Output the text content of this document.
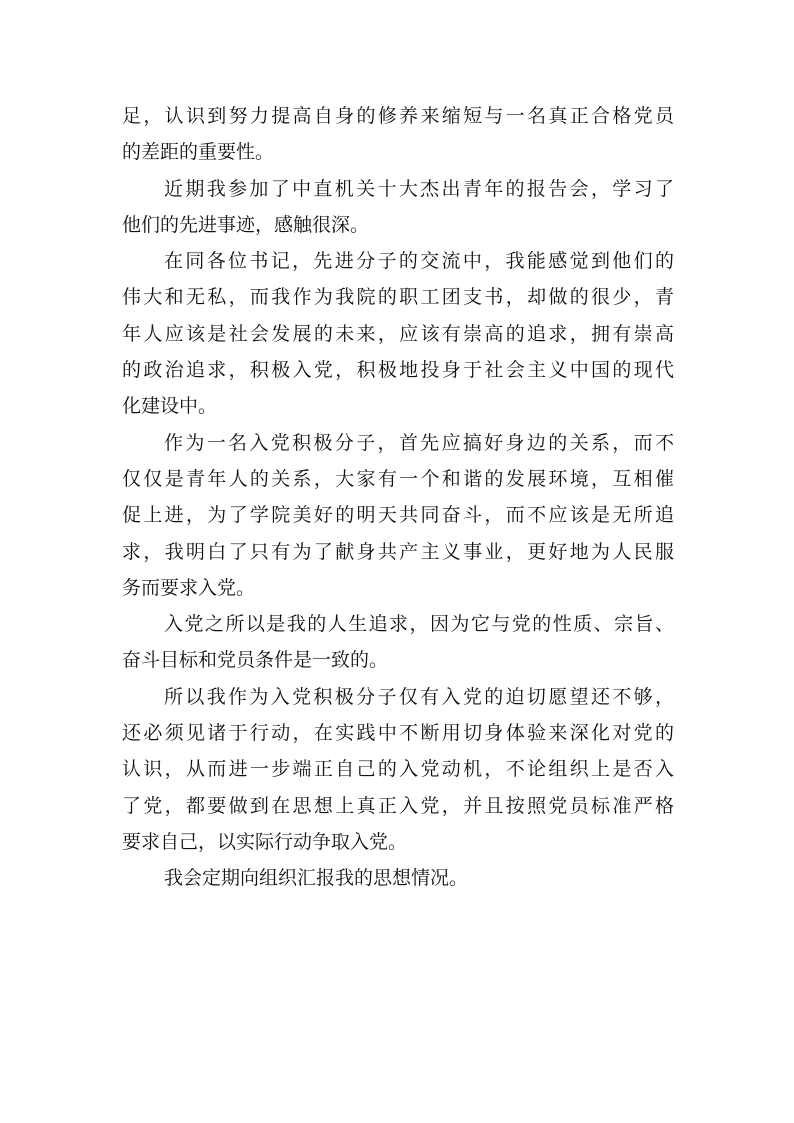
足，认识到努力提高自身的修养来缩短与一名真正合格党员
的差距的重要性。
近期我参加了中直机关十大杰出青年的报告会，学习了
他们的先进事迹，感触很深。
在同各位书记，先进分子的交流中，我能感觉到他们的
伟大和无私，而我作为我院的职工团支书，却做的很少，青
年人应该是社会发展的未来，应该有崇高的追求，拥有崇高
的政治追求，积极入党，积极地投身于社会主义中国的现代
化建设中。
作为一名入党积极分子，首先应搞好身边的关系，而不
仅仅是青年人的关系，大家有一个和谐的发展环境，互相催
促上进，为了学院美好的明天共同奋斗，而不应该是无所追
求，我明白了只有为了献身共产主义事业，更好地为人民服
务而要求入党。
入党之所以是我的人生追求，因为它与党的性质、宗旨、
奋斗目标和党员条件是一致的。
所以我作为入党积极分子仅有入党的迫切愿望还不够，
还必须见诸于行动，在实践中不断用切身体验来深化对党的
认识，从而进一步端正自己的入党动机，不论组织上是否入
了党，都要做到在思想上真正入党，并且按照党员标准严格
要求自己，以实际行动争取入党。
我会定期向组织汇报我的思想情况。
